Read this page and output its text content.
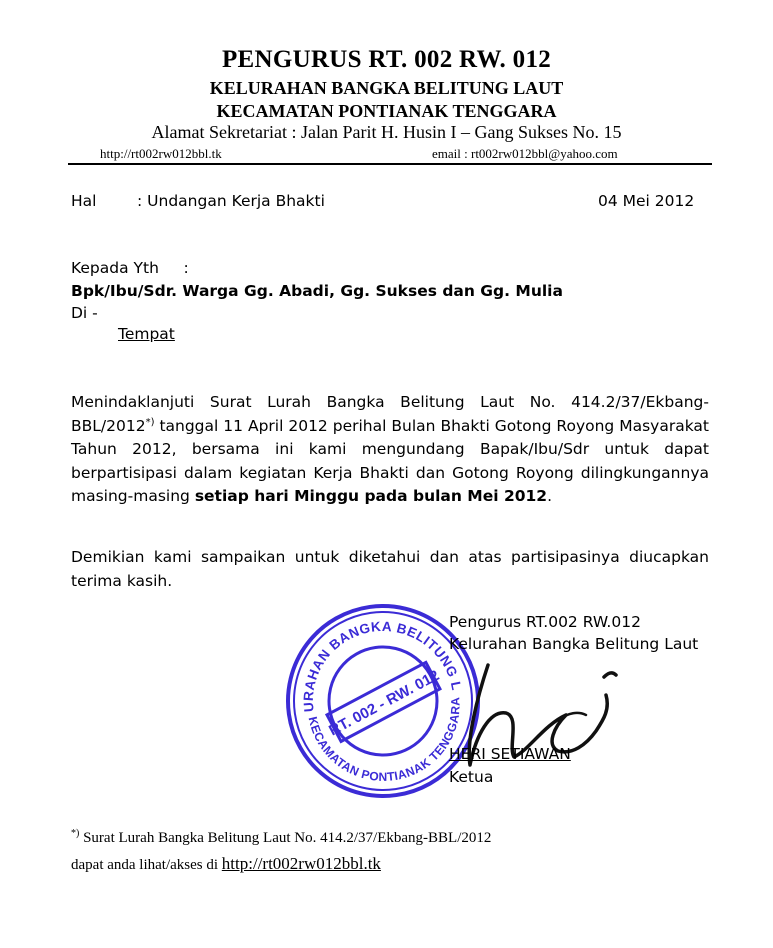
PENGURUS RT. 002 RW. 012
KELURAHAN BANGKA BELITUNG LAUT
KECAMATAN PONTIANAK TENGGARA
Alamat Sekretariat : Jalan Parit H. Husin I – Gang Sukses No. 15
http://rt002rw012bbl.tk	email : rt002rw012bbl@yahoo.com
Hal	: Undangan Kerja Bhakti	04 Mei 2012
Kepada Yth     :
Bpk/Ibu/Sdr. Warga Gg. Abadi, Gg. Sukses dan Gg. Mulia
Di -
Tempat
Menindaklanjuti Surat Lurah Bangka Belitung Laut No. 414.2/37/Ekbang-BBL/2012*) tanggal 11 April 2012 perihal Bulan Bhakti Gotong Royong Masyarakat Tahun 2012, bersama ini kami mengundang Bapak/Ibu/Sdr untuk dapat berpartisipasi dalam kegiatan Kerja Bhakti dan Gotong Royong dilingkungannya masing-masing setiap hari Minggu pada bulan Mei 2012.
Demikian kami sampaikan untuk diketahui dan atas partisipasinya diucapkan terima kasih.
KELURAHAN BANGKA BELITUNG LAUT
KECAMATAN PONTIANAK TENGGARA
RT. 002 - RW. 012
Pengurus RT.002 RW.012
Kelurahan Bangka Belitung Laut
HERI SETIAWAN
Ketua
*) Surat Lurah Bangka Belitung Laut No. 414.2/37/Ekbang-BBL/2012
dapat anda lihat/akses di http://rt002rw012bbl.tk
